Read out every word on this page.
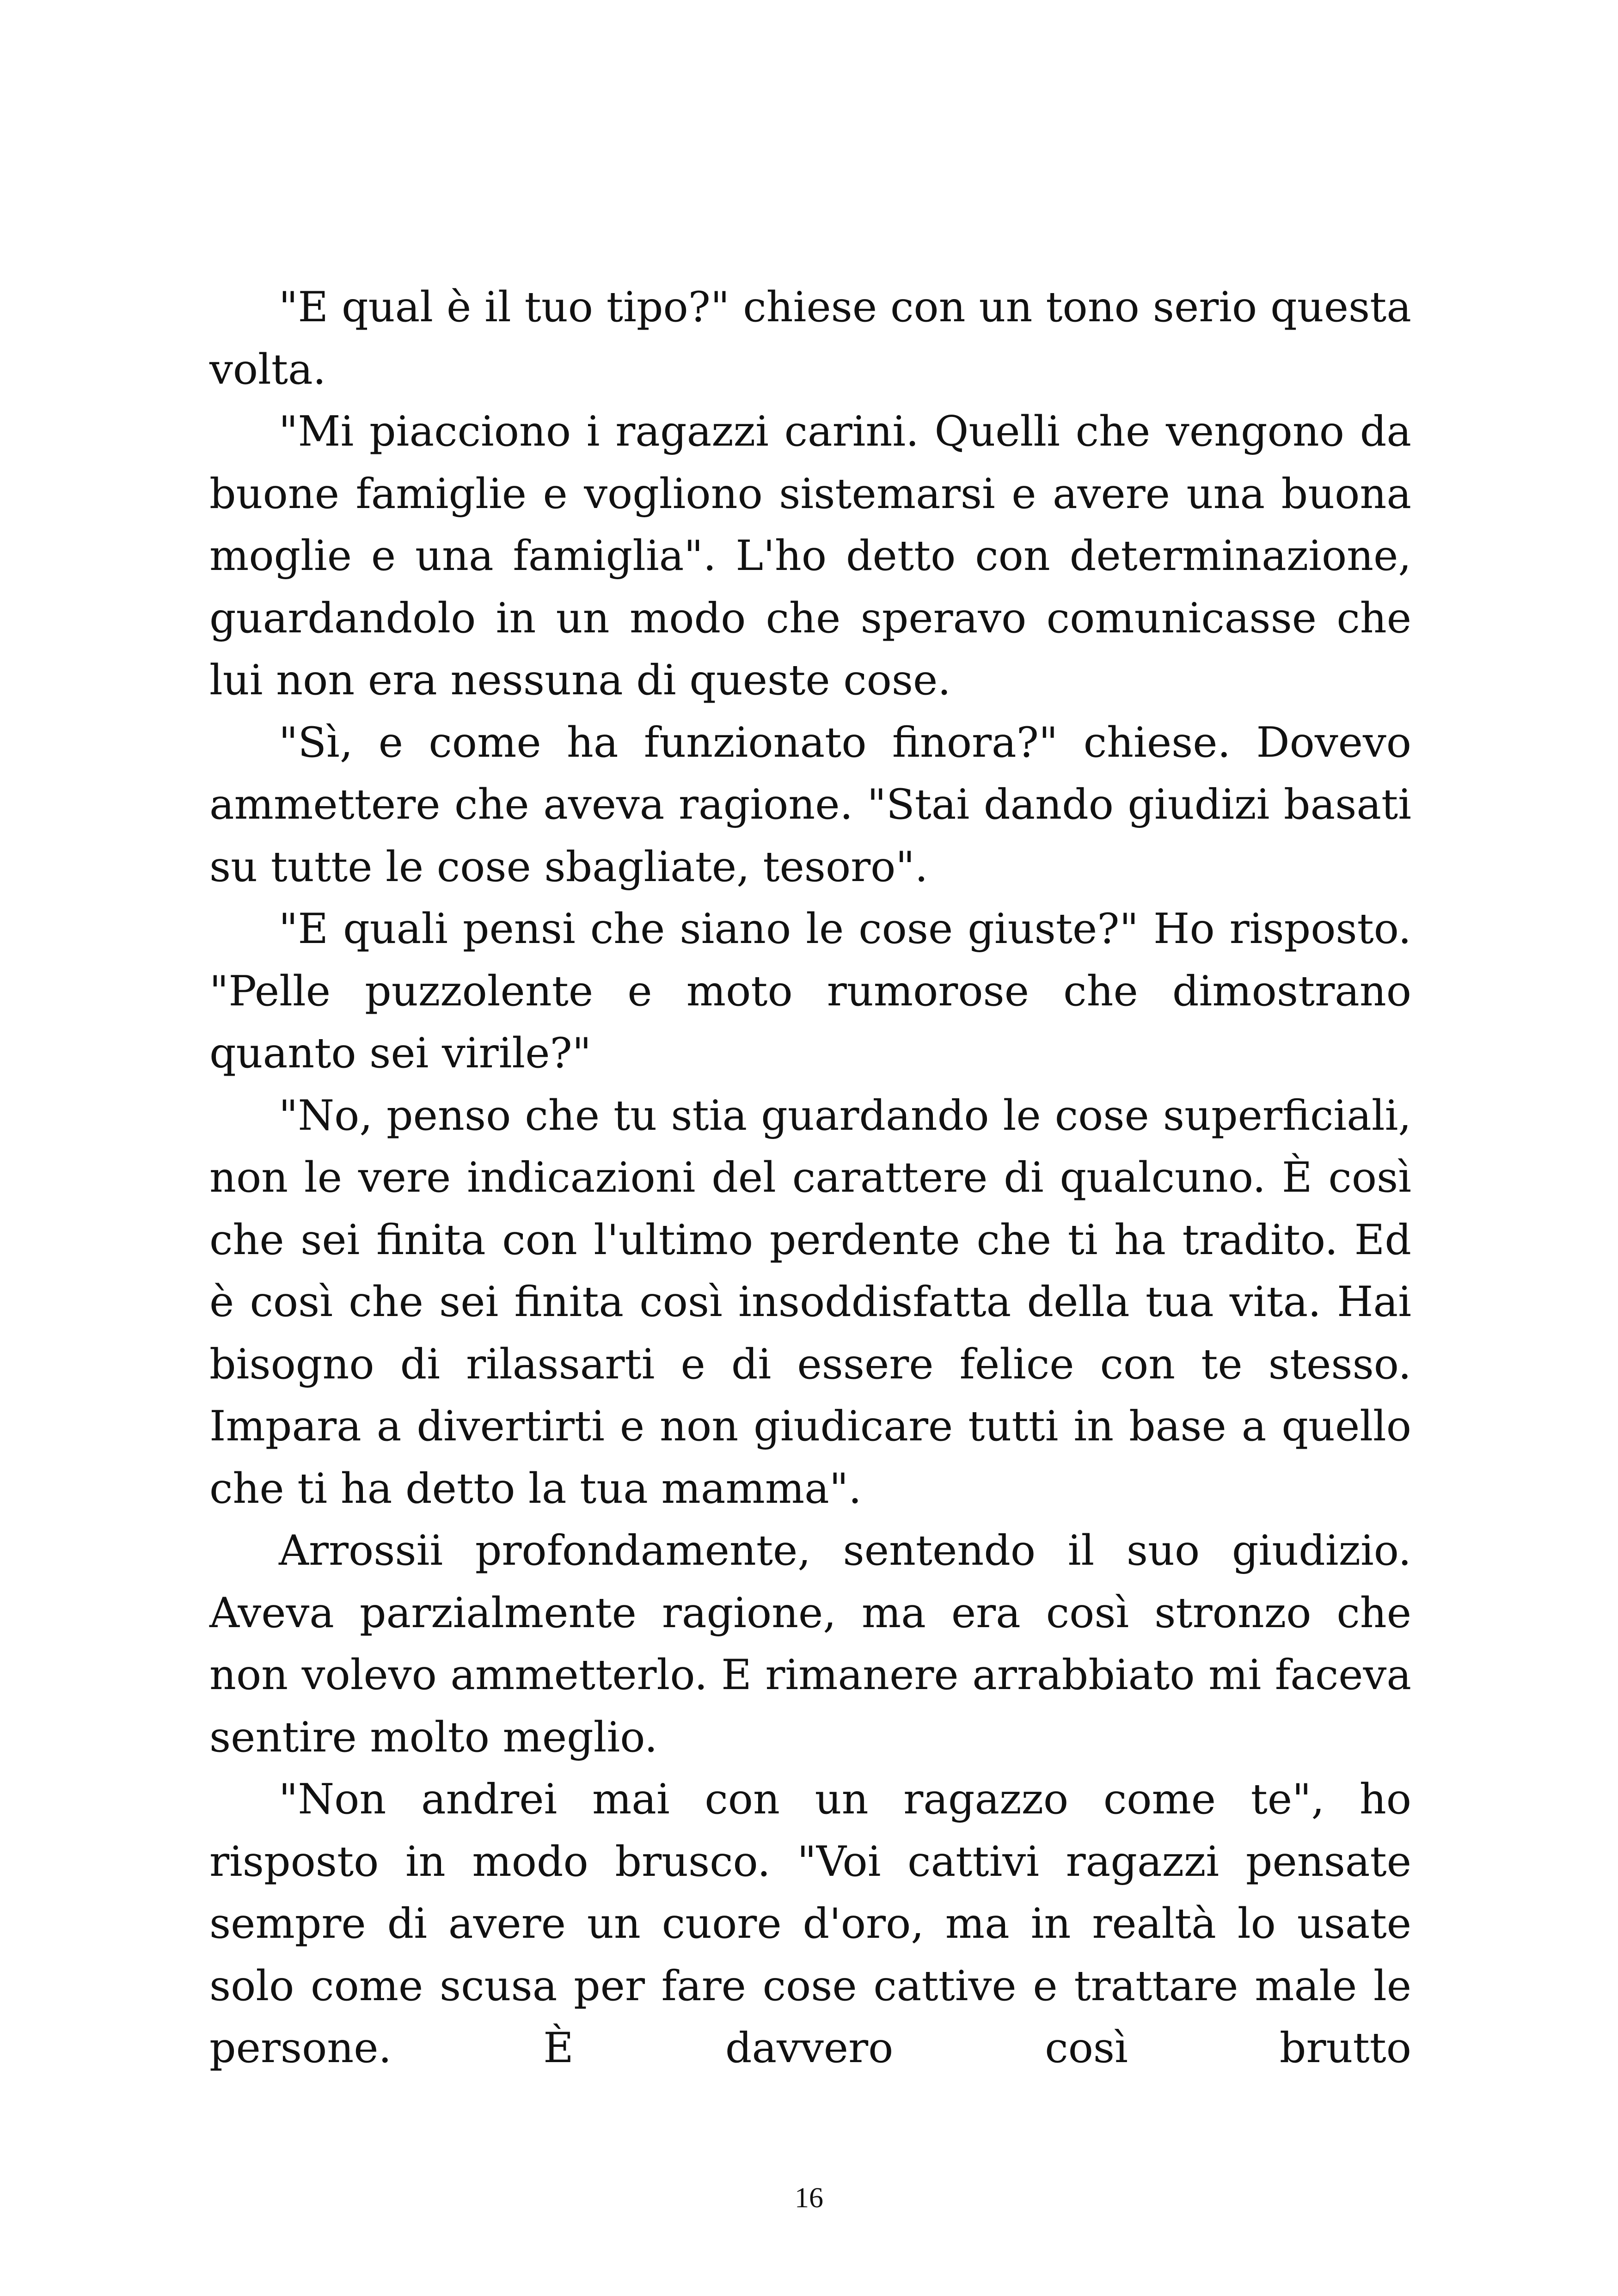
"E qual è il tuo tipo?" chiese con un tono serio questa volta.

"Mi piacciono i ragazzi carini. Quelli che vengono da buone famiglie e vogliono sistemarsi e avere una buona moglie e una famiglia". L'ho detto con determinazione, guardandolo in un modo che speravo comunicasse che lui non era nessuna di queste cose.

"Sì, e come ha funzionato finora?" chiese. Dovevo ammettere che aveva ragione. "Stai dando giudizi basati su tutte le cose sbagliate, tesoro".

"E quali pensi che siano le cose giuste?" Ho risposto. "Pelle puzzolente e moto rumorose che dimostrano quanto sei virile?"

"No, penso che tu stia guardando le cose superficiali, non le vere indicazioni del carattere di qualcuno. È così che sei finita con l'ultimo perdente che ti ha tradito. Ed è così che sei finita così insoddisfatta della tua vita. Hai bisogno di rilassarti e di essere felice con te stesso. Impara a divertirti e non giudicare tutti in base a quello che ti ha detto la tua mamma".

Arrossii profondamente, sentendo il suo giudizio. Aveva parzialmente ragione, ma era così stronzo che non volevo ammetterlo. E rimanere arrabbiato mi faceva sentire molto meglio.

"Non andrei mai con un ragazzo come te", ho risposto in modo brusco. "Voi cattivi ragazzi pensate sempre di avere un cuore d'oro, ma in realtà lo usate solo come scusa per fare cose cattive e trattare male le persone. È davvero così brutto

16
